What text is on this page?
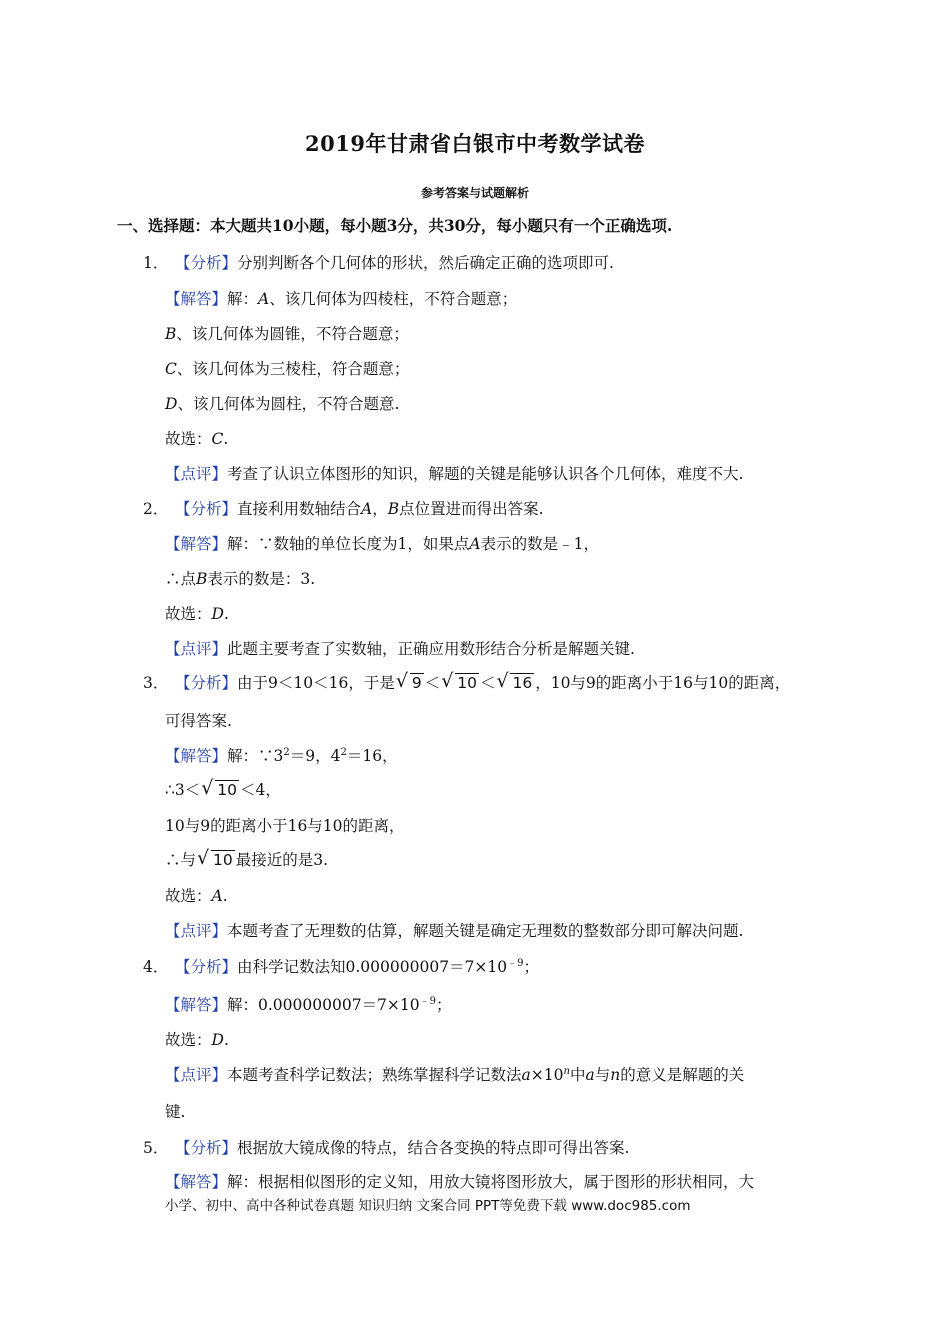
2019年甘肃省白银市中考数学试卷
参考答案与试题解析
一、选择题：本大题共10小题，每小题3分，共30分，每小题只有一个正确选项.
1． 【分析】分别判断各个几何体的形状，然后确定正确的选项即可.
【解答】解：A、该几何体为四棱柱，不符合题意；
B、该几何体为圆锥，不符合题意；
C、该几何体为三棱柱，符合题意；
D、该几何体为圆柱，不符合题意.
故选：C.
【点评】考查了认识立体图形的知识，解题的关键是能够认识各个几何体，难度不大.
2． 【分析】直接利用数轴结合A，B点位置进而得出答案.
【解答】解：∵数轴的单位长度为1，如果点A表示的数是﹣1，
∴点B表示的数是：3.
故选：D.
【点评】此题主要考查了实数轴，正确应用数形结合分析是解题关键.
3． 【分析】由于9＜10＜16，于是 √ 9 ＜ √ 10 ＜ √ 16 ，10与9的距离小于16与10的距离，
可得答案.
【解答】解：$\because 3^2=9$，$4^2=16$，
∴3＜ √ 10 ＜4，
10与9的距离小于16与10的距离，
∴与 √ 10 最接近的是3.
故选：A.
【点评】本题考查了无理数的估算，解题关键是确定无理数的整数部分即可解决问题.
4． 【分析】由科学记数法知$0.000000007=7\times 10^{﹣9}$；
【解答】解：$0.000000007=7\times 10^{﹣9}$；
故选：D.
【点评】本题考查科学记数法；熟练掌握科学记数法$a\times 10^n$中a与n的意义是解题的关
键.
5． 【分析】根据放大镜成像的特点，结合各变换的特点即可得出答案.
【解答】解：根据相似图形的定义知，用放大镜将图形放大，属于图形的形状相同，大
小学、初中、高中各种试卷真题 知识归纳 文案合同 PPT等免费下载 www.doc985.com
